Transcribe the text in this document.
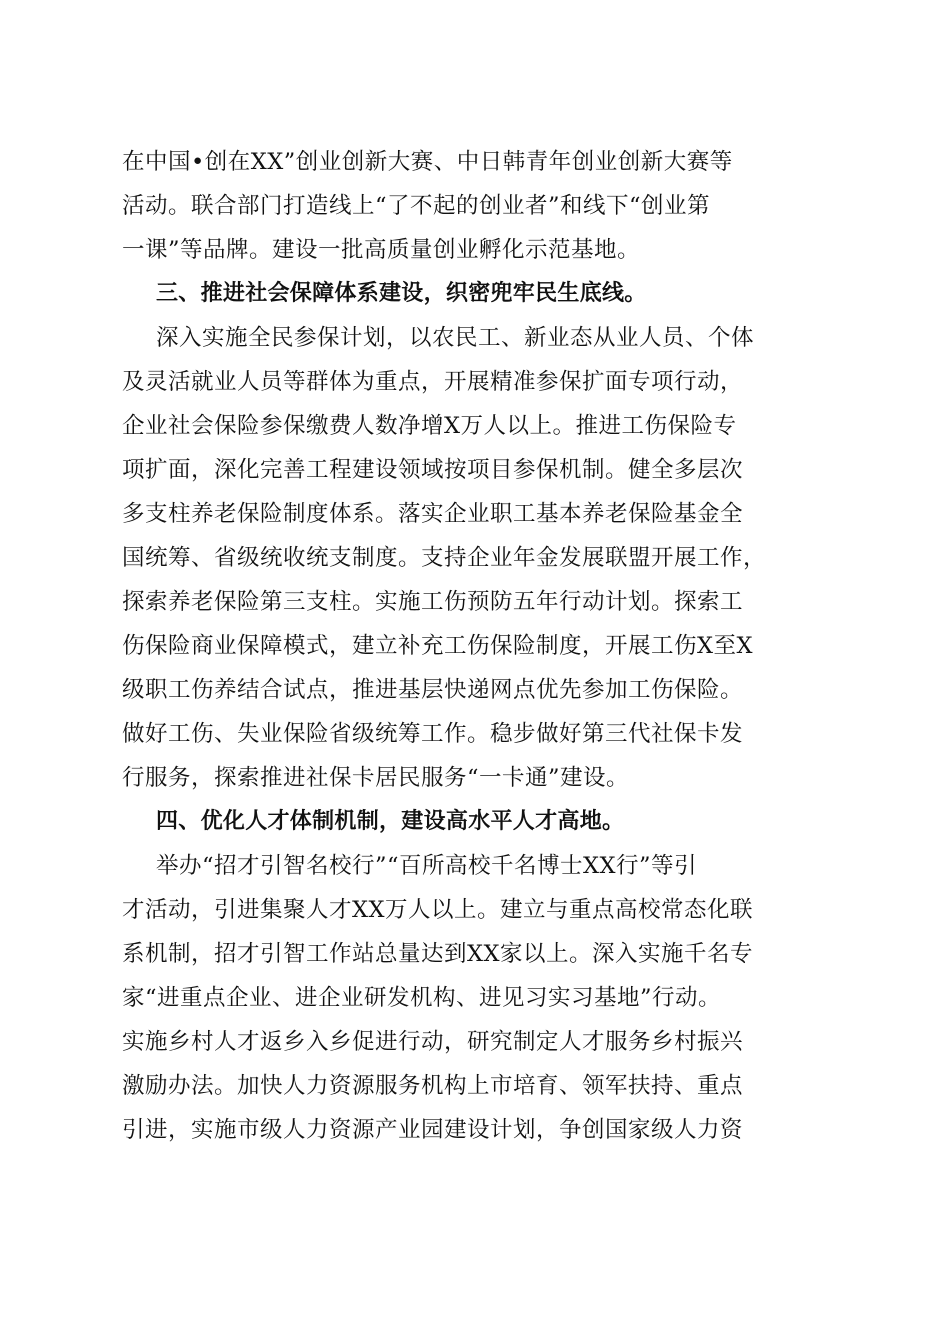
在中国•创在XX”创业创新大赛、中日韩青年创业创新大赛等
活动。联合部门打造线上“了不起的创业者”和线下“创业第
一课”等品牌。建设一批高质量创业孵化示范基地。
三、推进社会保障体系建设，织密兜牢民生底线。
深入实施全民参保计划，以农民工、新业态从业人员、个体
及灵活就业人员等群体为重点，开展精准参保扩面专项行动，
企业社会保险参保缴费人数净增X万人以上。推进工伤保险专
项扩面，深化完善工程建设领域按项目参保机制。健全多层次
多支柱养老保险制度体系。落实企业职工基本养老保险基金全
国统筹、省级统收统支制度。支持企业年金发展联盟开展工作，
探索养老保险第三支柱。实施工伤预防五年行动计划。探索工
伤保险商业保障模式，建立补充工伤保险制度，开展工伤X至X
级职工伤养结合试点，推进基层快递网点优先参加工伤保险。
做好工伤、失业保险省级统筹工作。稳步做好第三代社保卡发
行服务，探索推进社保卡居民服务“一卡通”建设。
四、优化人才体制机制，建设高水平人才高地。
举办“招才引智名校行”“百所高校千名博士XX行”等引
才活动，引进集聚人才XX万人以上。建立与重点高校常态化联
系机制，招才引智工作站总量达到XX家以上。深入实施千名专
家“进重点企业、进企业研发机构、进见习实习基地”行动。
实施乡村人才返乡入乡促进行动，研究制定人才服务乡村振兴
激励办法。加快人力资源服务机构上市培育、领军扶持、重点
引进，实施市级人力资源产业园建设计划，争创国家级人力资
